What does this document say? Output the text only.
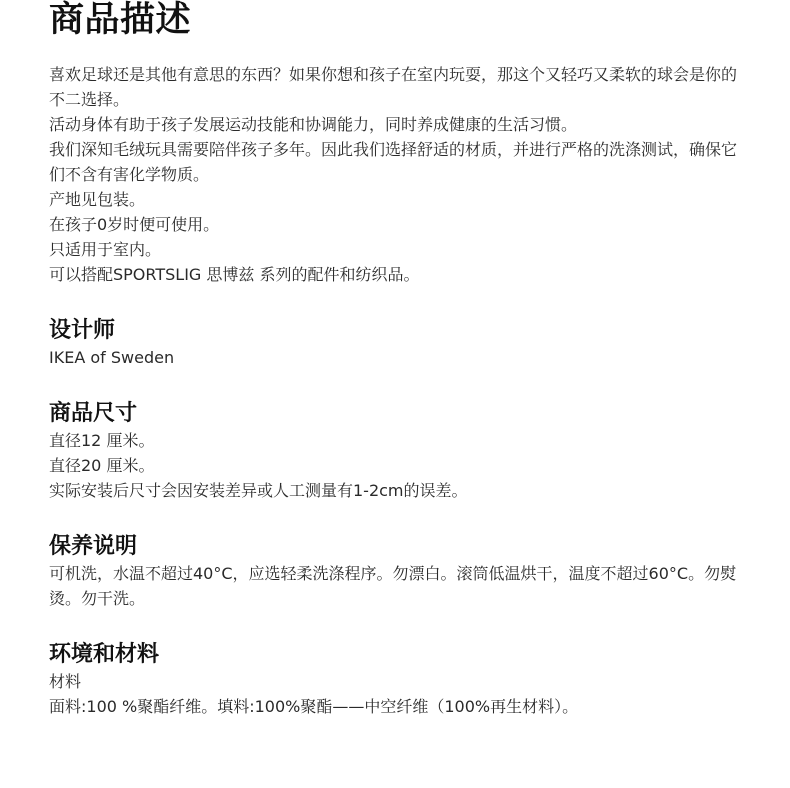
商品描述

喜欢足球还是其他有意思的东西？如果你想和孩子在室内玩耍，那这个又轻巧又柔软的球会是你的不二选择。

活动身体有助于孩子发展运动技能和协调能力，同时养成健康的生活习惯。

我们深知毛绒玩具需要陪伴孩子多年。因此我们选择舒适的材质，并进行严格的洗涤测试，确保它们不含有害化学物质。

产地见包装。

在孩子0岁时便可使用。

只适用于室内。

可以搭配SPORTSLIG 思博兹 系列的配件和纺织品。

设计师

IKEA of Sweden

商品尺寸

直径12 厘米。

直径20 厘米。

实际安装后尺寸会因安装差异或人工测量有1-2cm的误差。

保养说明

可机洗，水温不超过40°C，应选轻柔洗涤程序。勿漂白。滚筒低温烘干，温度不超过60°C。勿熨烫。勿干洗。

环境和材料

材料

面料:100 %聚酯纤维。填料:100%聚酯——中空纤维（100%再生材料）。
